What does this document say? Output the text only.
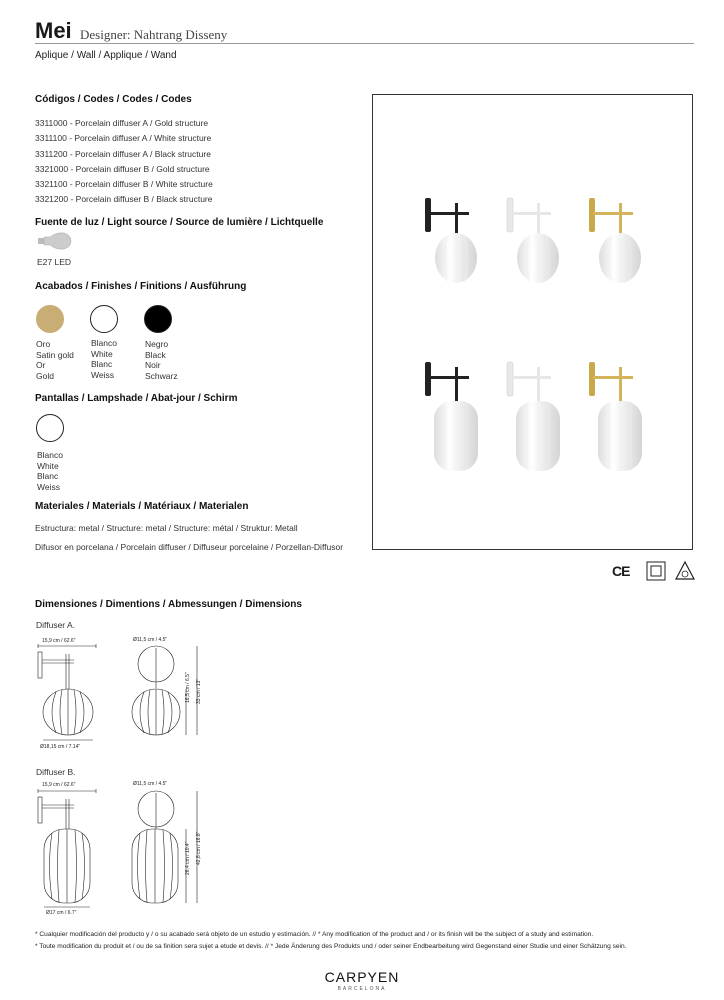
Mei Designer: Nahtrang Disseny
Aplique / Wall / Applique / Wand
Códigos / Codes / Codes / Codes
3311000 - Porcelain diffuser A / Gold structure
3311100 - Porcelain diffuser A / White structure
3311200 - Porcelain diffuser A / Black structure
3321000 - Porcelain diffuser B / Gold structure
3321100 - Porcelain diffuser B / White structure
3321200 - Porcelain diffuser B / Black structure
Fuente de luz / Light source / Source de lumière / Lichtquelle
E27 LED
Acabados / Finishes / Finitions / Ausführung
Oro
Satin gold
Or
Gold
Blanco
White
Blanc
Weiss
Negro
Black
Noir
Schwarz
Pantallas / Lampshade / Abat-jour / Schirm
Blanco
White
Blanc
Weiss
Materiales / Materials / Matériaux / Materialen
Estructura: metal / Structure: metal / Structure: métal / Struktur: Metall
Difusor en porcelana / Porcelain diffuser / Diffuseur porcelaine / Porzellan-Diffusor
CE
Dimensiones / Dimentions / Abmessungen / Dimensions
Diffuser A.
15,9 cm / 62.6"	Ø11,5 cm / 4.5"
16,5 cm / 6.5" 33 cm / 13"
Ø18,15 cm / 7.14"
Diffuser B.
15,9 cm / 62.6"	Ø11,5 cm / 4.5"
26,4 cm / 10.4" 42,8 cm / 16.8"
Ø17 cm / 6.7"
* Cualquier modificación del producto y / o su acabado será objeto de un estudio y estimación. // * Any modification of the product and / or its finish will be the subject of a study and estimation.
* Toute modification du produit et / ou de sa finition sera sujet a etude et devis. // * Jede Änderung des Produkts und / oder seiner Endbearbeitung wird Gegenstand einer Studie und einer Schätzung sein.
CARPYEN
BARCELONA
